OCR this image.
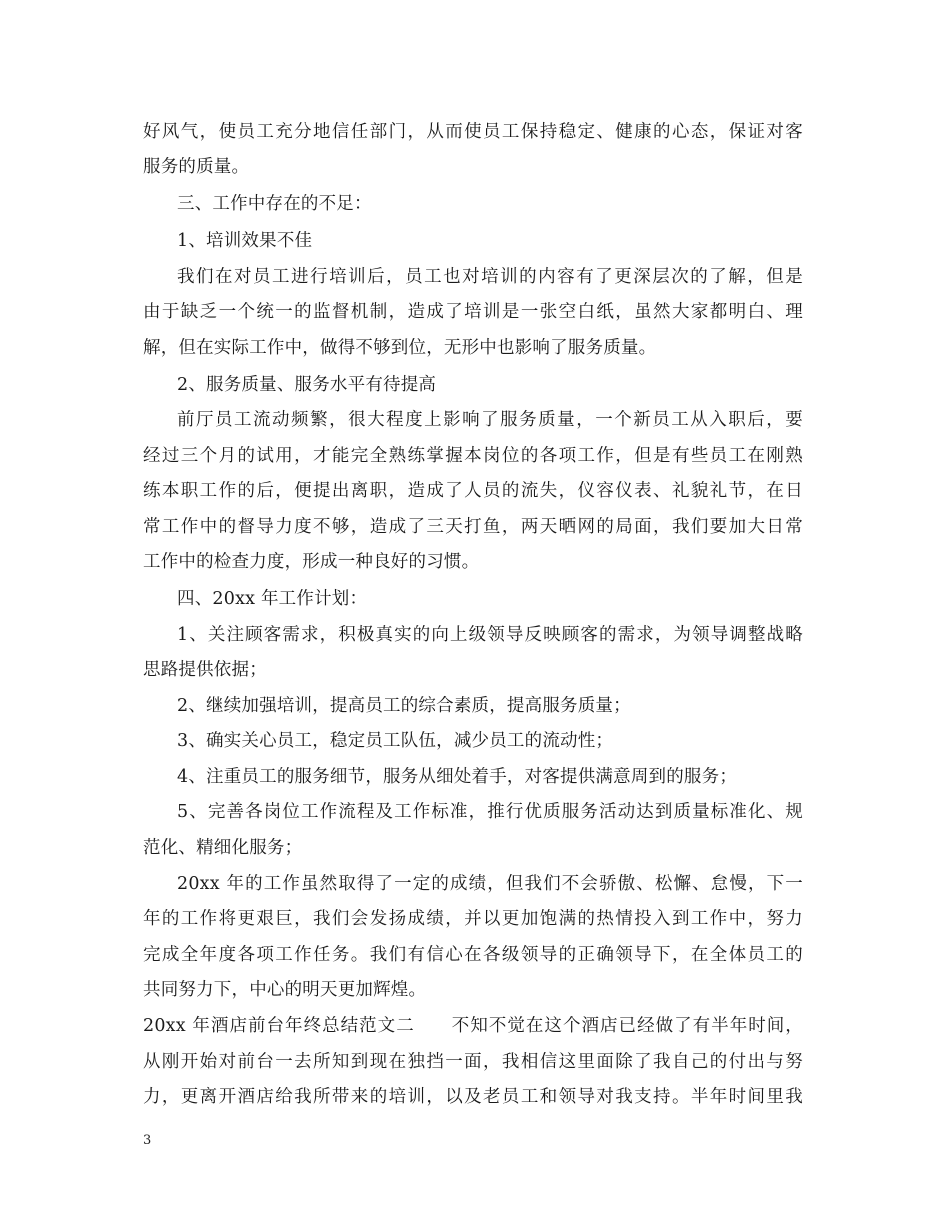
好风气，使员工充分地信任部门，从而使员工保持稳定、健康的心态，保证对客
服务的质量。
三、工作中存在的不足：
1、培训效果不佳
我们在对员工进行培训后，员工也对培训的内容有了更深层次的了解，但是
由于缺乏一个统一的监督机制，造成了培训是一张空白纸，虽然大家都明白、理
解，但在实际工作中，做得不够到位，无形中也影响了服务质量。
2、服务质量、服务水平有待提高
前厅员工流动频繁，很大程度上影响了服务质量，一个新员工从入职后，要
经过三个月的试用，才能完全熟练掌握本岗位的各项工作，但是有些员工在刚熟
练本职工作的后，便提出离职，造成了人员的流失，仪容仪表、礼貌礼节，在日
常工作中的督导力度不够，造成了三天打鱼，两天晒网的局面，我们要加大日常
工作中的检查力度，形成一种良好的习惯。
四、20xx 年工作计划：
1、关注顾客需求，积极真实的向上级领导反映顾客的需求，为领导调整战略
思路提供依据；
2、继续加强培训，提高员工的综合素质，提高服务质量；
3、确实关心员工，稳定员工队伍，减少员工的流动性；
4、注重员工的服务细节，服务从细处着手，对客提供满意周到的服务；
5、完善各岗位工作流程及工作标准，推行优质服务活动达到质量标准化、规
范化、精细化服务；
20xx 年的工作虽然取得了一定的成绩，但我们不会骄傲、松懈、怠慢，下一
年的工作将更艰巨，我们会发扬成绩，并以更加饱满的热情投入到工作中，努力
完成全年度各项工作任务。我们有信心在各级领导的正确领导下，在全体员工的
共同努力下，中心的明天更加辉煌。
20xx 年酒店前台年终总结范文二　　不知不觉在这个酒店已经做了有半年时间，
从刚开始对前台一去所知到现在独挡一面，我相信这里面除了我自己的付出与努
力，更离开酒店给我所带来的培训，以及老员工和领导对我支持。半年时间里我
3
